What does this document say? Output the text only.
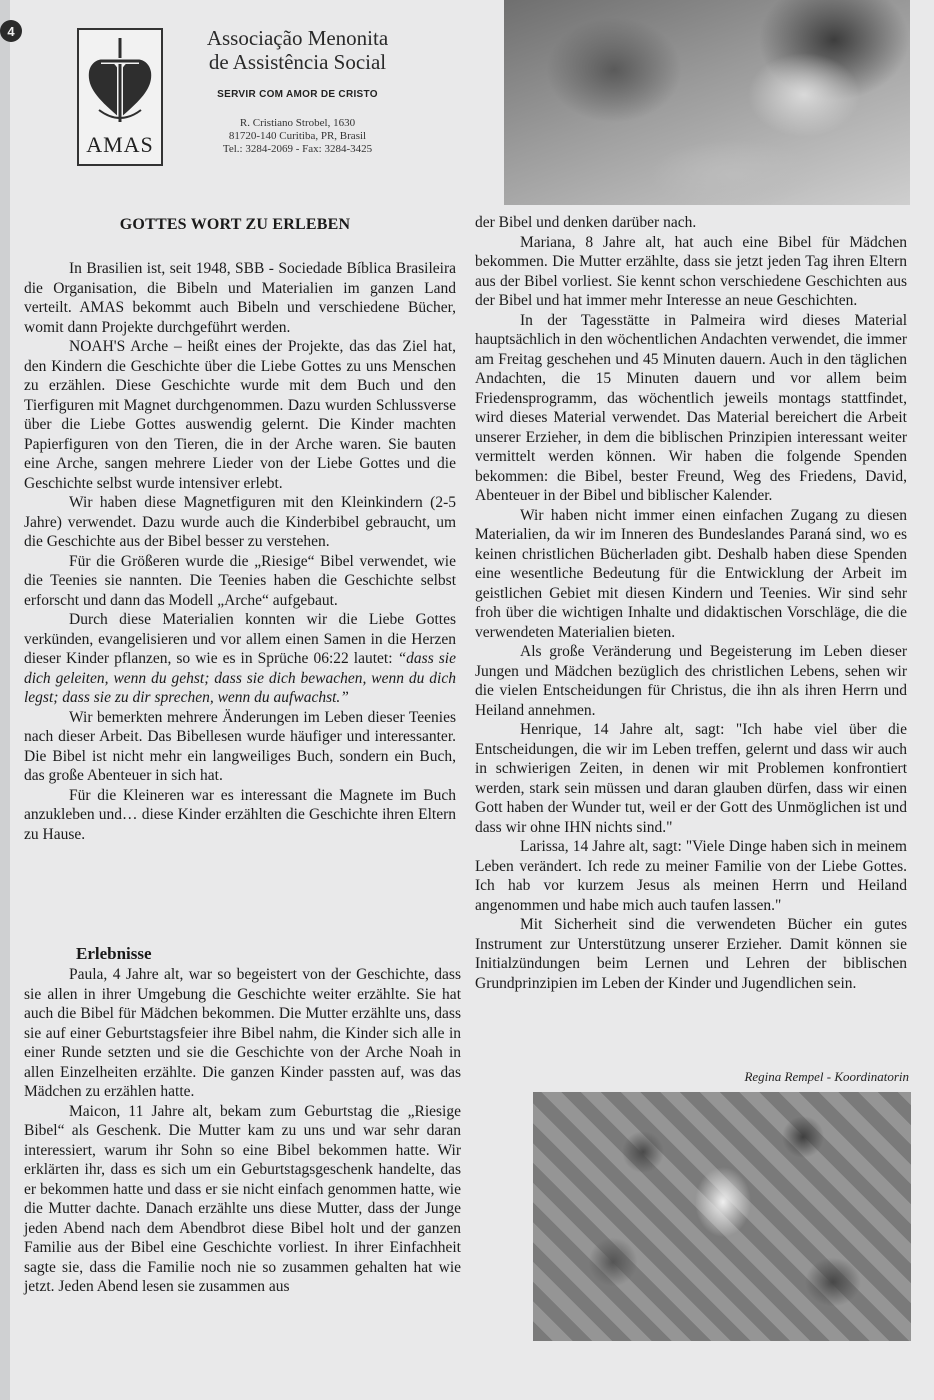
4
AMAS
Associação Menonita
de Assistência Social
SERVIR COM AMOR DE CRISTO
R. Cristiano Strobel, 1630
81720-140 Curitiba, PR, Brasil
Tel.: 3284-2069 - Fax: 3284-3425
GOTTES WORT ZU ERLEBEN

In Brasilien ist, seit 1948, SBB - Sociedade Bíblica Brasileira die Organisation, die Bibeln und Materialien im ganzen Land verteilt. AMAS bekommt auch Bibeln und verschiedene Bücher, womit dann Projekte durchgeführt werden.

NOAH'S Arche – heißt eines der Projekte, das das Ziel hat, den Kindern die Geschichte über die Liebe Gottes zu uns Menschen zu erzählen. Diese Geschichte wurde mit dem Buch und den Tierfiguren mit Magnet durchgenommen. Dazu wurden Schlussverse über die Liebe Gottes auswendig gelernt. Die Kinder machten Papierfiguren von den Tieren, die in der Arche waren. Sie bauten eine Arche, sangen mehrere Lieder von der Liebe Gottes und die Geschichte selbst wurde intensiver erlebt.

Wir haben diese Magnetfiguren mit den Kleinkindern (2-5 Jahre) verwendet. Dazu wurde auch die Kinderbibel gebraucht, um die Geschichte aus der Bibel besser zu verstehen.

Für die Größeren wurde die „Riesige“ Bibel verwendet, wie die Teenies sie nannten. Die Teenies haben die Geschichte selbst erforscht und dann das Modell „Arche“ aufgebaut.

Durch diese Materialien konnten wir die Liebe Gottes verkünden, evangelisieren und vor allem einen Samen in die Herzen dieser Kinder pflanzen, so wie es in Sprüche 06:22 lautet: “dass sie dich geleiten, wenn du gehst; dass sie dich bewachen, wenn du dich legst; dass sie zu dir sprechen, wenn du aufwachst.”

Wir bemerkten mehrere Änderungen im Leben dieser Teenies nach dieser Arbeit. Das Bibellesen wurde häufiger und interessanter. Die Bibel ist nicht mehr ein langweiliges Buch, sondern ein Buch, das große Abenteuer in sich hat.

Für die Kleineren war es interessant die Magnete im Buch anzukleben und… diese Kinder erzählten die Geschichte ihren Eltern zu Hause.

Erlebnisse

Paula, 4 Jahre alt, war so begeistert von der Geschichte, dass sie allen in ihrer Umgebung die Geschichte weiter erzählte. Sie hat auch die Bibel für Mädchen bekommen. Die Mutter erzählte uns, dass sie auf einer Geburtstagsfeier ihre Bibel nahm, die Kinder sich alle in einer Runde setzten und sie die Geschichte von der Arche Noah in allen Einzelheiten erzählte. Die ganzen Kinder passten auf, was das Mädchen zu erzählen hatte.

Maicon, 11 Jahre alt, bekam zum Geburtstag die „Riesige Bibel“ als Geschenk. Die Mutter kam zu uns und war sehr daran interessiert, warum ihr Sohn so eine Bibel bekommen hatte. Wir erklärten ihr, dass es sich um ein Geburtstagsgeschenk handelte, das er bekommen hatte und dass er sie nicht einfach genommen hatte, wie die Mutter dachte. Danach erzählte uns diese Mutter, dass der Junge jeden Abend nach dem Abendbrot diese Bibel holt und der ganzen Familie aus der Bibel eine Geschichte vorliest. In ihrer Einfachheit sagte sie, dass die Familie noch nie so zusammen gehalten hat wie jetzt. Jeden Abend lesen sie zusammen aus

der Bibel und denken darüber nach.

Mariana, 8 Jahre alt, hat auch eine Bibel für Mädchen bekommen. Die Mutter erzählte, dass sie jetzt jeden Tag ihren Eltern aus der Bibel vorliest. Sie kennt schon verschiedene Geschichten aus der Bibel und hat immer mehr Interesse an neue Geschichten.

In der Tagesstätte in Palmeira wird dieses Material hauptsächlich in den wöchentlichen Andachten verwendet, die immer am Freitag geschehen und 45 Minuten dauern. Auch in den täglichen Andachten, die 15 Minuten dauern und vor allem beim Friedensprogramm, das wöchentlich jeweils montags stattfindet, wird dieses Material verwendet. Das Material bereichert die Arbeit unserer Erzieher, in dem die biblischen Prinzipien interessant weiter vermittelt werden können. Wir haben die folgende Spenden bekommen: die Bibel, bester Freund, Weg des Friedens, David, Abenteuer in der Bibel und biblischer Kalender.

Wir haben nicht immer einen einfachen Zugang zu diesen Materialien, da wir im Inneren des Bundeslandes Paraná sind, wo es keinen christlichen Bücherladen gibt. Deshalb haben diese Spenden eine wesentliche Bedeutung für die Entwicklung der Arbeit im geistlichen Gebiet mit diesen Kindern und Teenies. Wir sind sehr froh über die wichtigen Inhalte und didaktischen Vorschläge, die die verwendeten Materialien bieten.

Als große Veränderung und Begeisterung im Leben dieser Jungen und Mädchen bezüglich des christlichen Lebens, sehen wir die vielen Entscheidungen für Christus, die ihn als ihren Herrn und Heiland annehmen.

Henrique, 14 Jahre alt, sagt: "Ich habe viel über die Entscheidungen, die wir im Leben treffen, gelernt und dass wir auch in schwierigen Zeiten, in denen wir mit Problemen konfrontiert werden, stark sein müssen und daran glauben dürfen, dass wir einen Gott haben der Wunder tut, weil er der Gott des Unmöglichen ist und dass wir ohne IHN nichts sind."

Larissa, 14 Jahre alt, sagt: "Viele Dinge haben sich in meinem Leben verändert. Ich rede zu meiner Familie von der Liebe Gottes. Ich hab vor kurzem Jesus als meinen Herrn und Heiland angenommen und habe mich auch taufen lassen."

Mit Sicherheit sind die verwendeten Bücher ein gutes Instrument zur Unterstützung unserer Erzieher. Damit können sie Initialzündungen beim Lernen und Lehren der biblischen Grundprinzipien im Leben der Kinder und Jugendlichen sein.

Regina Rempel - Koordinatorin
